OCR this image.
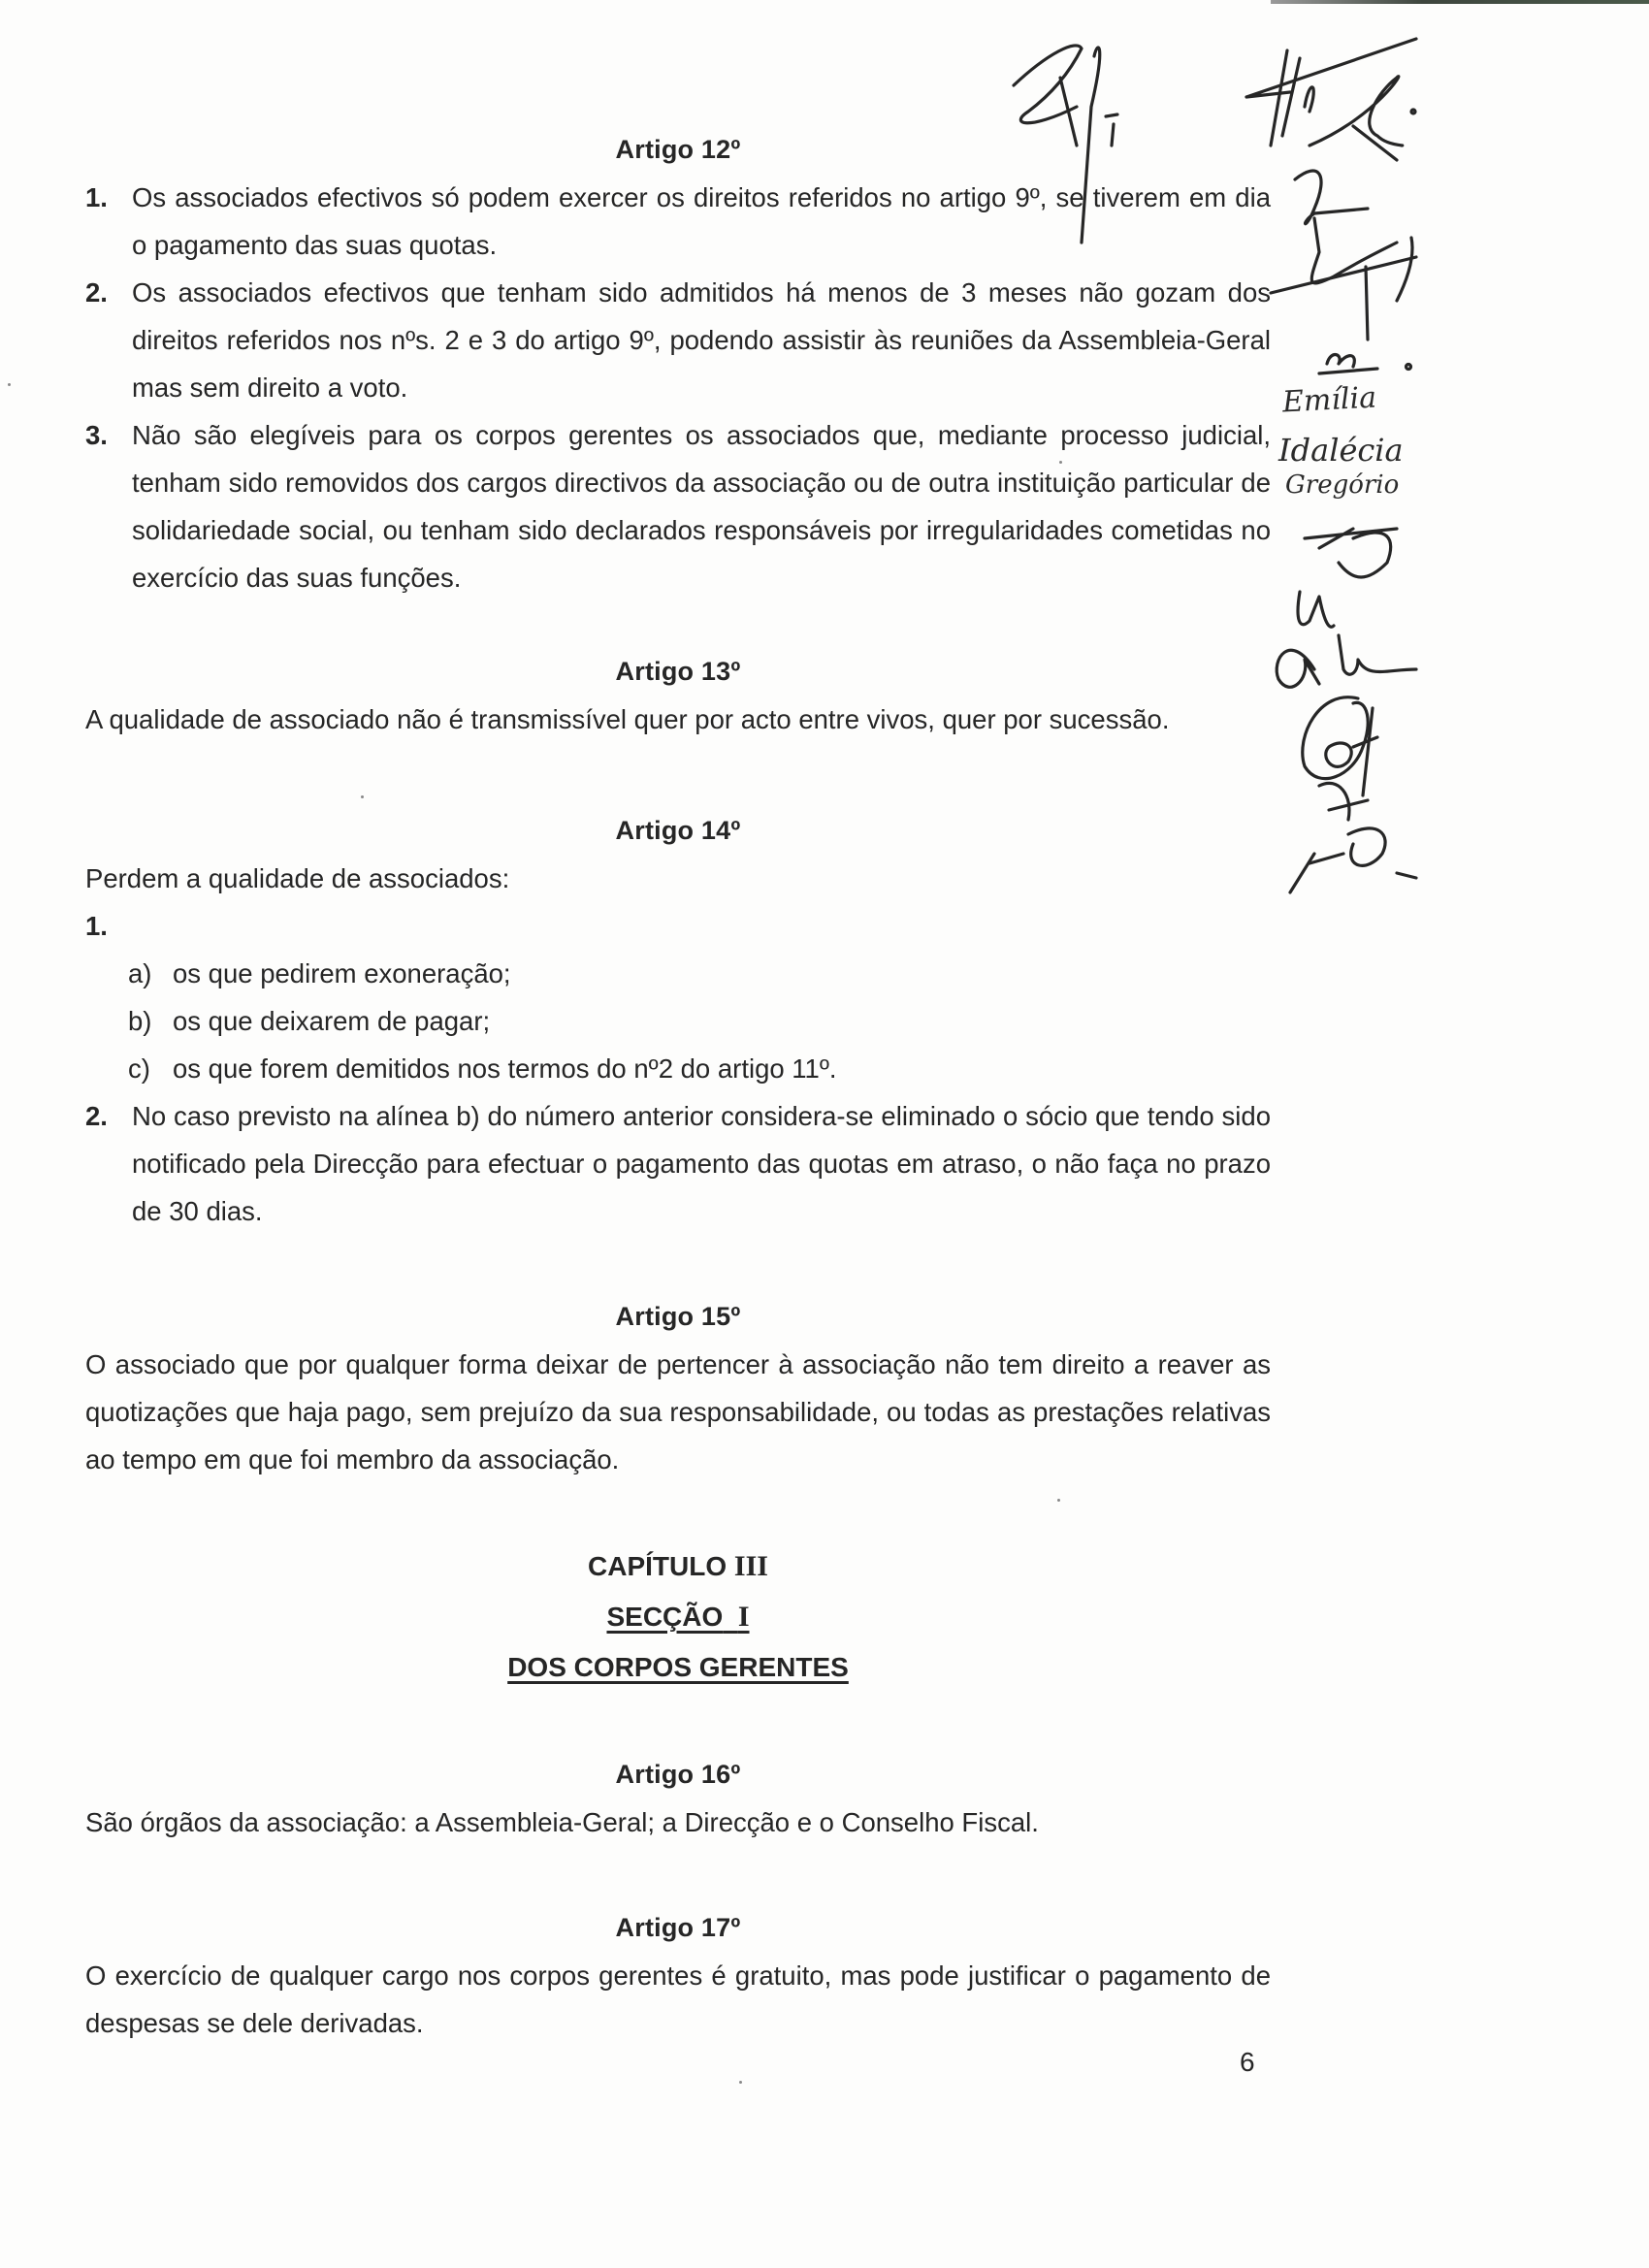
Artigo 12º
1. Os associados efectivos só podem exercer os direitos referidos no artigo 9º, se tiverem em dia o pagamento das suas quotas.
2. Os associados efectivos que tenham sido admitidos há menos de 3 meses não gozam dos direitos referidos nos nºs. 2 e 3 do artigo 9º, podendo assistir às reuniões da Assembleia-Geral mas sem direito a voto.
3. Não são elegíveis para os corpos gerentes os associados que, mediante processo judicial, tenham sido removidos dos cargos directivos da associação ou de outra instituição particular de solidariedade social, ou tenham sido declarados responsáveis por irregularidades cometidas no exercício das suas funções.
Artigo 13º

A qualidade de associado não é transmissível quer por acto entre vivos, quer por sucessão.

Artigo 14º

Perdem a qualidade de associados:

1.

a) os que pedirem exoneração;
b) os que deixarem de pagar;
c) os que forem demitidos nos termos do nº2 do artigo 11º.
2. No caso previsto na alínea b) do número anterior considera-se eliminado o sócio que tendo sido notificado pela Direcção para efectuar o pagamento das quotas em atraso, o não faça no prazo de 30 dias.
Artigo 15º

O associado que por qualquer forma deixar de pertencer à associação não tem direito a reaver as quotizações que haja pago, sem prejuízo da sua responsabilidade, ou todas as prestações relativas ao tempo em que foi membro da associação.

CAPÍTULO III
SECÇÃO I
DOS CORPOS GERENTES
Artigo 16º

São órgãos da associação: a Assembleia-Geral; a Direcção e o Conselho Fiscal.

Artigo 17º

O exercício de qualquer cargo nos corpos gerentes é gratuito, mas pode justificar o pagamento de despesas se dele derivadas.

6
Emília
Idalécia
Gregório
